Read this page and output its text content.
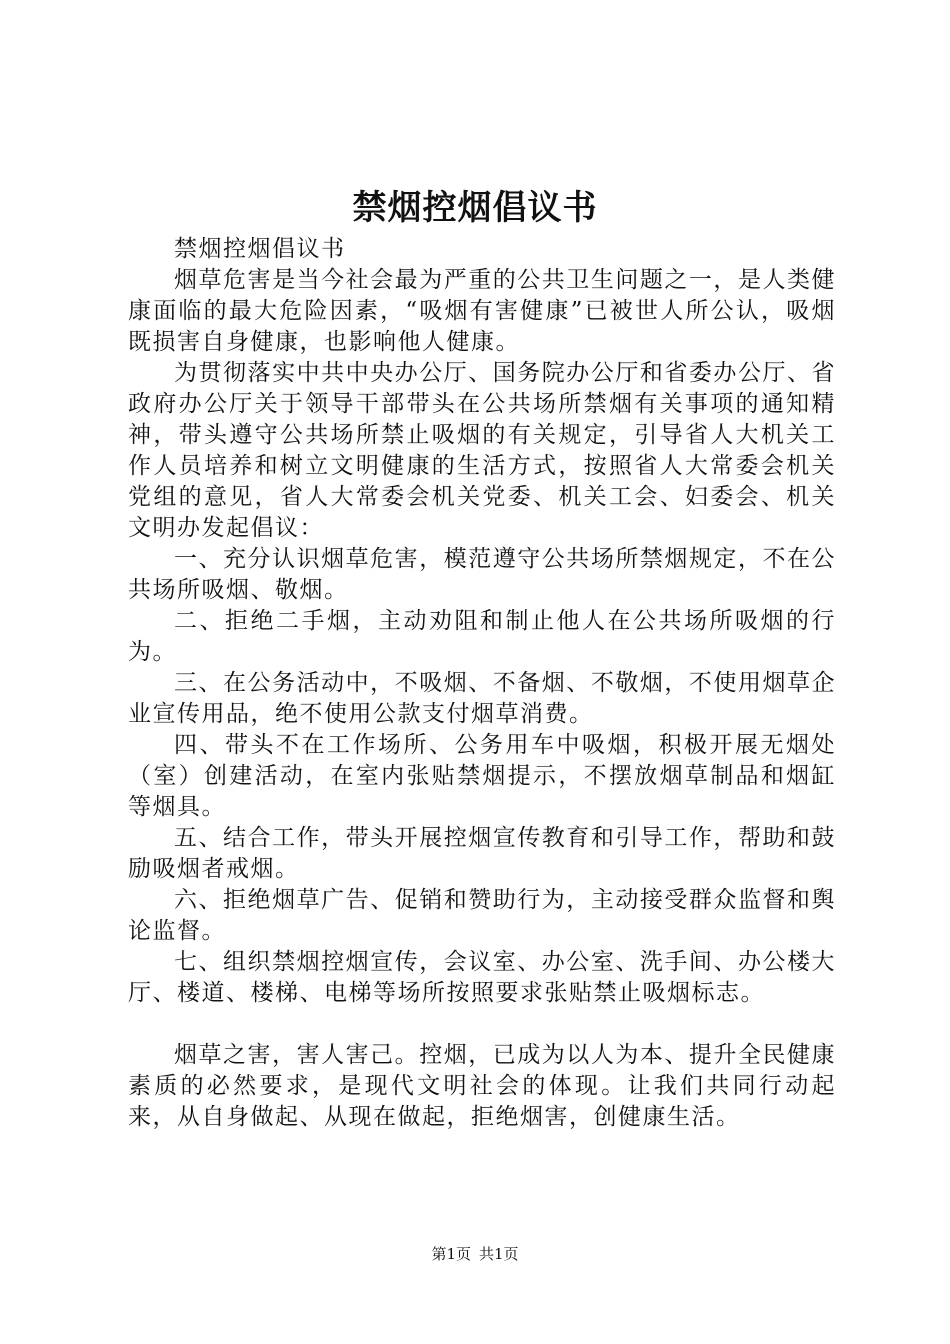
禁烟控烟倡议书

禁烟控烟倡议书

烟草危害是当今社会最为严重的公共卫生问题之一，是人类健康面临的最大危险因素，“吸烟有害健康”已被世人所公认，吸烟既损害自身健康，也影响他人健康。

为贯彻落实中共中央办公厅、国务院办公厅和省委办公厅、省政府办公厅关于领导干部带头在公共场所禁烟有关事项的通知精神，带头遵守公共场所禁止吸烟的有关规定，引导省人大机关工作人员培养和树立文明健康的生活方式，按照省人大常委会机关党组的意见，省人大常委会机关党委、机关工会、妇委会、机关文明办发起倡议：

一、充分认识烟草危害，模范遵守公共场所禁烟规定，不在公共场所吸烟、敬烟。

二、拒绝二手烟，主动劝阻和制止他人在公共场所吸烟的行为。

三、在公务活动中，不吸烟、不备烟、不敬烟，不使用烟草企业宣传用品，绝不使用公款支付烟草消费。

四、带头不在工作场所、公务用车中吸烟，积极开展无烟处（室）创建活动，在室内张贴禁烟提示，不摆放烟草制品和烟缸等烟具。

五、结合工作，带头开展控烟宣传教育和引导工作，帮助和鼓励吸烟者戒烟。

六、拒绝烟草广告、促销和赞助行为，主动接受群众监督和舆论监督。

七、组织禁烟控烟宣传，会议室、办公室、洗手间、办公楼大厅、楼道、楼梯、电梯等场所按照要求张贴禁止吸烟标志。

烟草之害，害人害己。控烟，已成为以人为本、提升全民健康素质的必然要求，是现代文明社会的体现。让我们共同行动起来，从自身做起、从现在做起，拒绝烟害，创健康生活。

第1页 共1页
